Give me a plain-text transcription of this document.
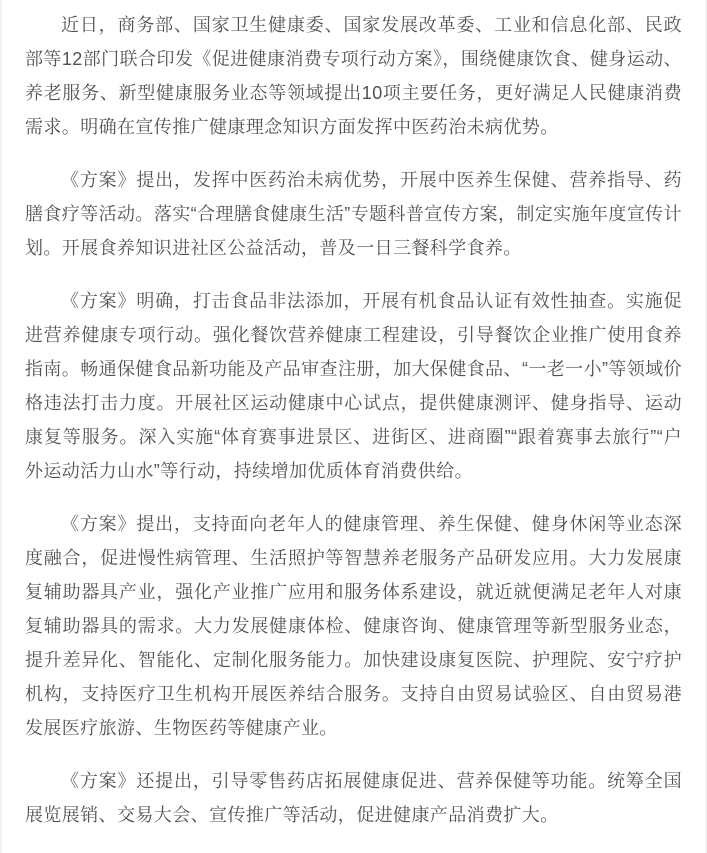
近日，商务部、国家卫生健康委、国家发展改革委、工业和信息化部、民政部等12部门联合印发《促进健康消费专项行动方案》，围绕健康饮食、健身运动、养老服务、新型健康服务业态等领域提出10项主要任务，更好满足人民健康消费需求。明确在宣传推广健康理念知识方面发挥中医药治未病优势。

《方案》提出，发挥中医药治未病优势，开展中医养生保健、营养指导、药膳食疗等活动。落实“合理膳食健康生活”专题科普宣传方案，制定实施年度宣传计划。开展食养知识进社区公益活动，普及一日三餐科学食养。

《方案》明确，打击食品非法添加，开展有机食品认证有效性抽查。实施促进营养健康专项行动。强化餐饮营养健康工程建设，引导餐饮企业推广使用食养指南。畅通保健食品新功能及产品审查注册，加大保健食品、“一老一小”等领域价格违法打击力度。开展社区运动健康中心试点，提供健康测评、健身指导、运动康复等服务。深入实施“体育赛事进景区、进街区、进商圈”“跟着赛事去旅行”“户外运动活力山水”等行动，持续增加优质体育消费供给。

《方案》提出，支持面向老年人的健康管理、养生保健、健身休闲等业态深度融合，促进慢性病管理、生活照护等智慧养老服务产品研发应用。大力发展康复辅助器具产业，强化产业推广应用和服务体系建设，就近就便满足老年人对康复辅助器具的需求。大力发展健康体检、健康咨询、健康管理等新型服务业态，提升差异化、智能化、定制化服务能力。加快建设康复医院、护理院、安宁疗护机构，支持医疗卫生机构开展医养结合服务。支持自由贸易试验区、自由贸易港发展医疗旅游、生物医药等健康产业。

《方案》还提出，引导零售药店拓展健康促进、营养保健等功能。统筹全国展览展销、交易大会、宣传推广等活动，促进健康产品消费扩大。
